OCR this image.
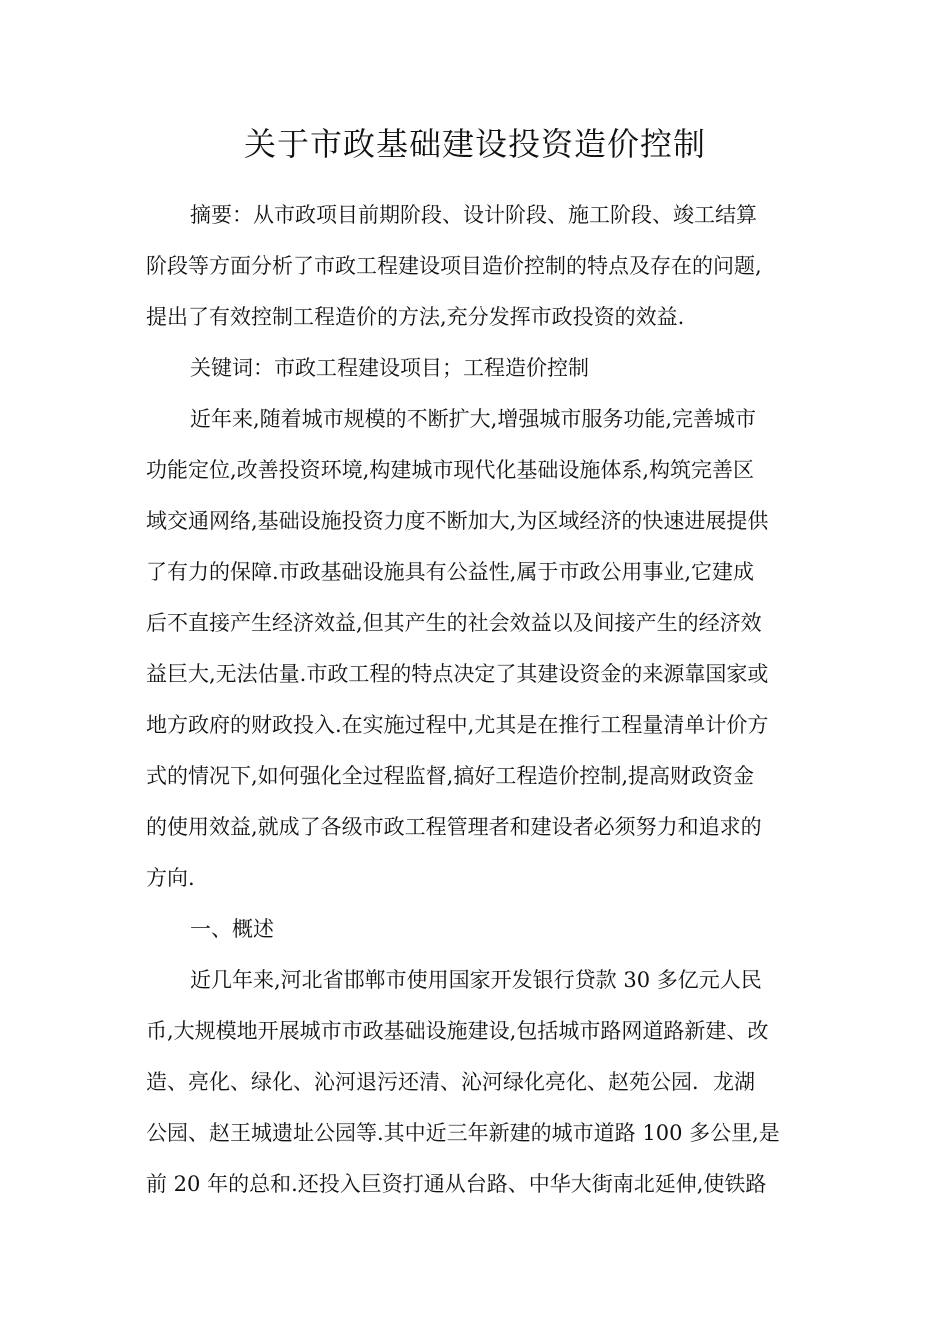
关于市政基础建设投资造价控制
摘要：从市政项目前期阶段、设计阶段、施工阶段、竣工结算
阶段等方面分析了市政工程建设项目造价控制的特点及存在的问题,
提出了有效控制工程造价的方法,充分发挥市政投资的效益.
关键词：市政工程建设项目；工程造价控制
近年来,随着城市规模的不断扩大,增强城市服务功能,完善城市
功能定位,改善投资环境,构建城市现代化基础设施体系,构筑完善区
域交通网络,基础设施投资力度不断加大,为区域经济的快速进展提供
了有力的保障.市政基础设施具有公益性,属于市政公用事业,它建成
后不直接产生经济效益,但其产生的社会效益以及间接产生的经济效
益巨大,无法估量.市政工程的特点决定了其建设资金的来源靠国家或
地方政府的财政投入.在实施过程中,尤其是在推行工程量清单计价方
式的情况下,如何强化全过程监督,搞好工程造价控制,提高财政资金
的使用效益,就成了各级市政工程管理者和建设者必须努力和追求的
方向.
一、概述
近几年来,河北省邯郸市使用国家开发银行贷款 30 多亿元人民
币,大规模地开展城市市政基础设施建设,包括城市路网道路新建、改
造、亮化、绿化、沁河退污还清、沁河绿化亮化、赵苑公园．龙湖
公园、赵王城遗址公园等.其中近三年新建的城市道路 100 多公里,是
前 20 年的总和.还投入巨资打通从台路、中华大街南北延伸,使铁路
